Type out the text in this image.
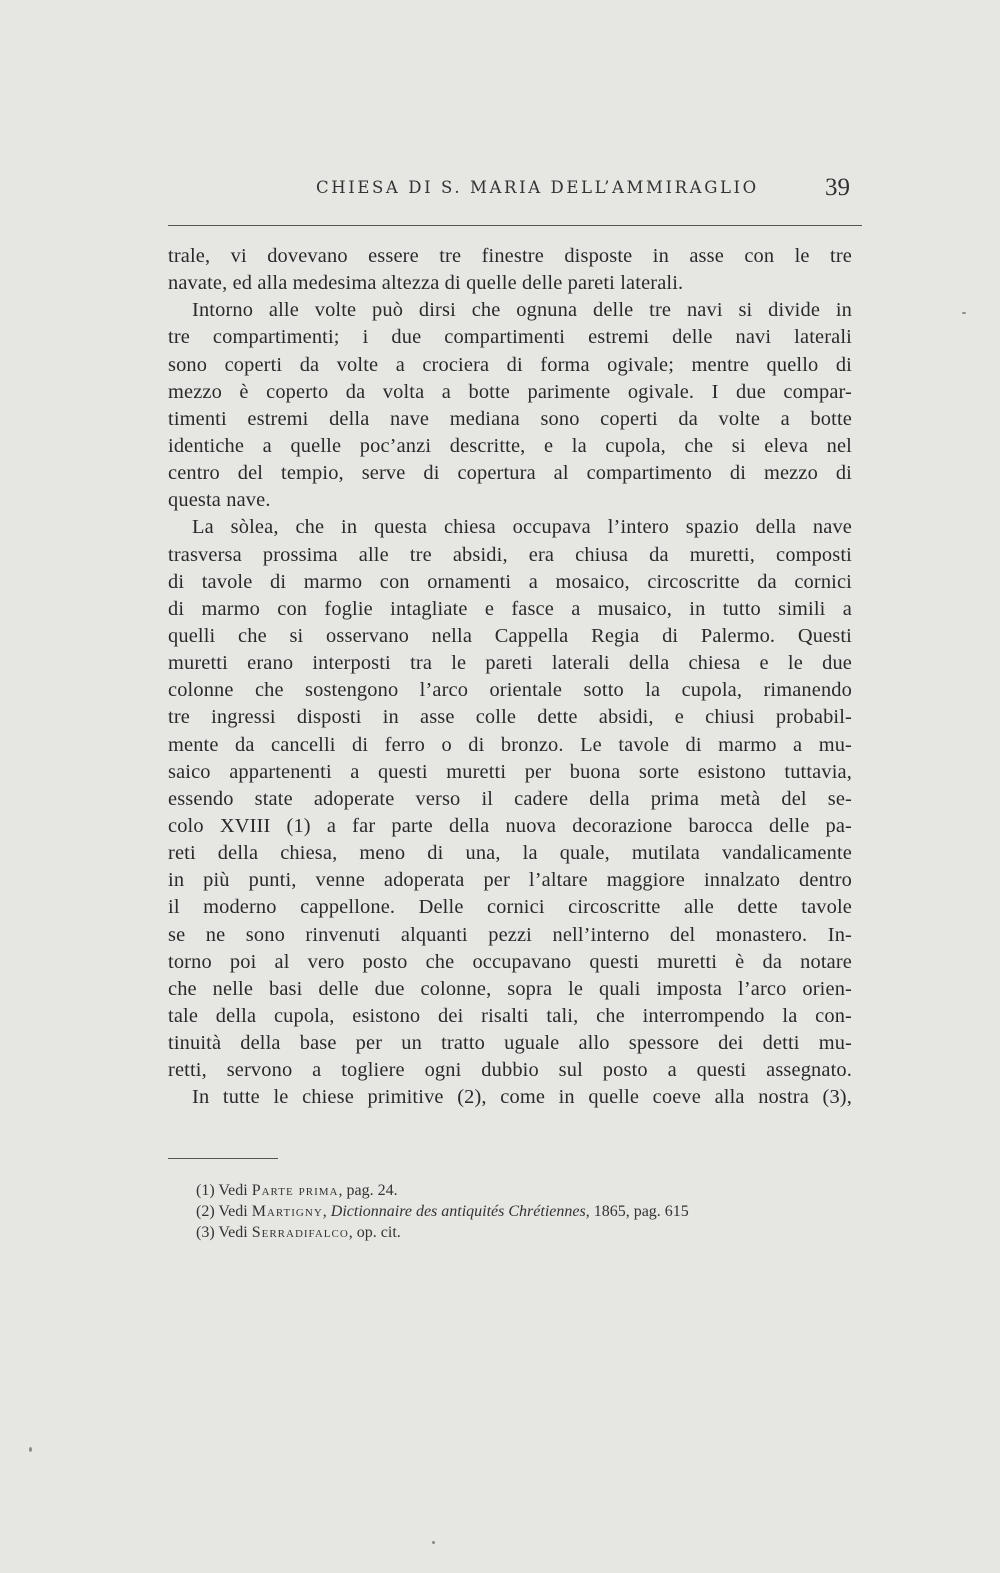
CHIESA DI S. MARIA DELL’AMMIRAGLIO	39
trale, vi dovevano essere tre finestre disposte in asse con le tre
navate, ed alla medesima altezza di quelle delle pareti laterali.
Intorno alle volte può dirsi che ognuna delle tre navi si divide in
tre compartimenti; i due compartimenti estremi delle navi laterali
sono coperti da volte a crociera di forma ogivale; mentre quello di
mezzo è coperto da volta a botte parimente ogivale. I due compar-
timenti estremi della nave mediana sono coperti da volte a botte
identiche a quelle poc’anzi descritte, e la cupola, che si eleva nel
centro del tempio, serve di copertura al compartimento di mezzo di
questa nave.
La sòlea, che in questa chiesa occupava l’intero spazio della nave
trasversa prossima alle tre absidi, era chiusa da muretti, composti
di tavole di marmo con ornamenti a mosaico, circoscritte da cornici
di marmo con foglie intagliate e fasce a musaico, in tutto simili a
quelli che si osservano nella Cappella Regia di Palermo. Questi
muretti erano interposti tra le pareti laterali della chiesa e le due
colonne che sostengono l’arco orientale sotto la cupola, rimanendo
tre ingressi disposti in asse colle dette absidi, e chiusi probabil-
mente da cancelli di ferro o di bronzo. Le tavole di marmo a mu-
saico appartenenti a questi muretti per buona sorte esistono tuttavia,
essendo state adoperate verso il cadere della prima metà del se-
colo XVIII (1) a far parte della nuova decorazione barocca delle pa-
reti della chiesa, meno di una, la quale, mutilata vandalicamente
in più punti, venne adoperata per l’altare maggiore innalzato dentro
il moderno cappellone. Delle cornici circoscritte alle dette tavole
se ne sono rinvenuti alquanti pezzi nell’interno del monastero. In-
torno poi al vero posto che occupavano questi muretti è da notare
che nelle basi delle due colonne, sopra le quali imposta l’arco orien-
tale della cupola, esistono dei risalti tali, che interrompendo la con-
tinuità della base per un tratto uguale allo spessore dei detti mu-
retti, servono a togliere ogni dubbio sul posto a questi assegnato.
In tutte le chiese primitive (2), come in quelle coeve alla nostra (3),
(1) Vedi Parte prima, pag. 24.
(2) Vedi Martigny, Dictionnaire des antiquités Chrétiennes, 1865, pag. 615
(3) Vedi Serradifalco, op. cit.
